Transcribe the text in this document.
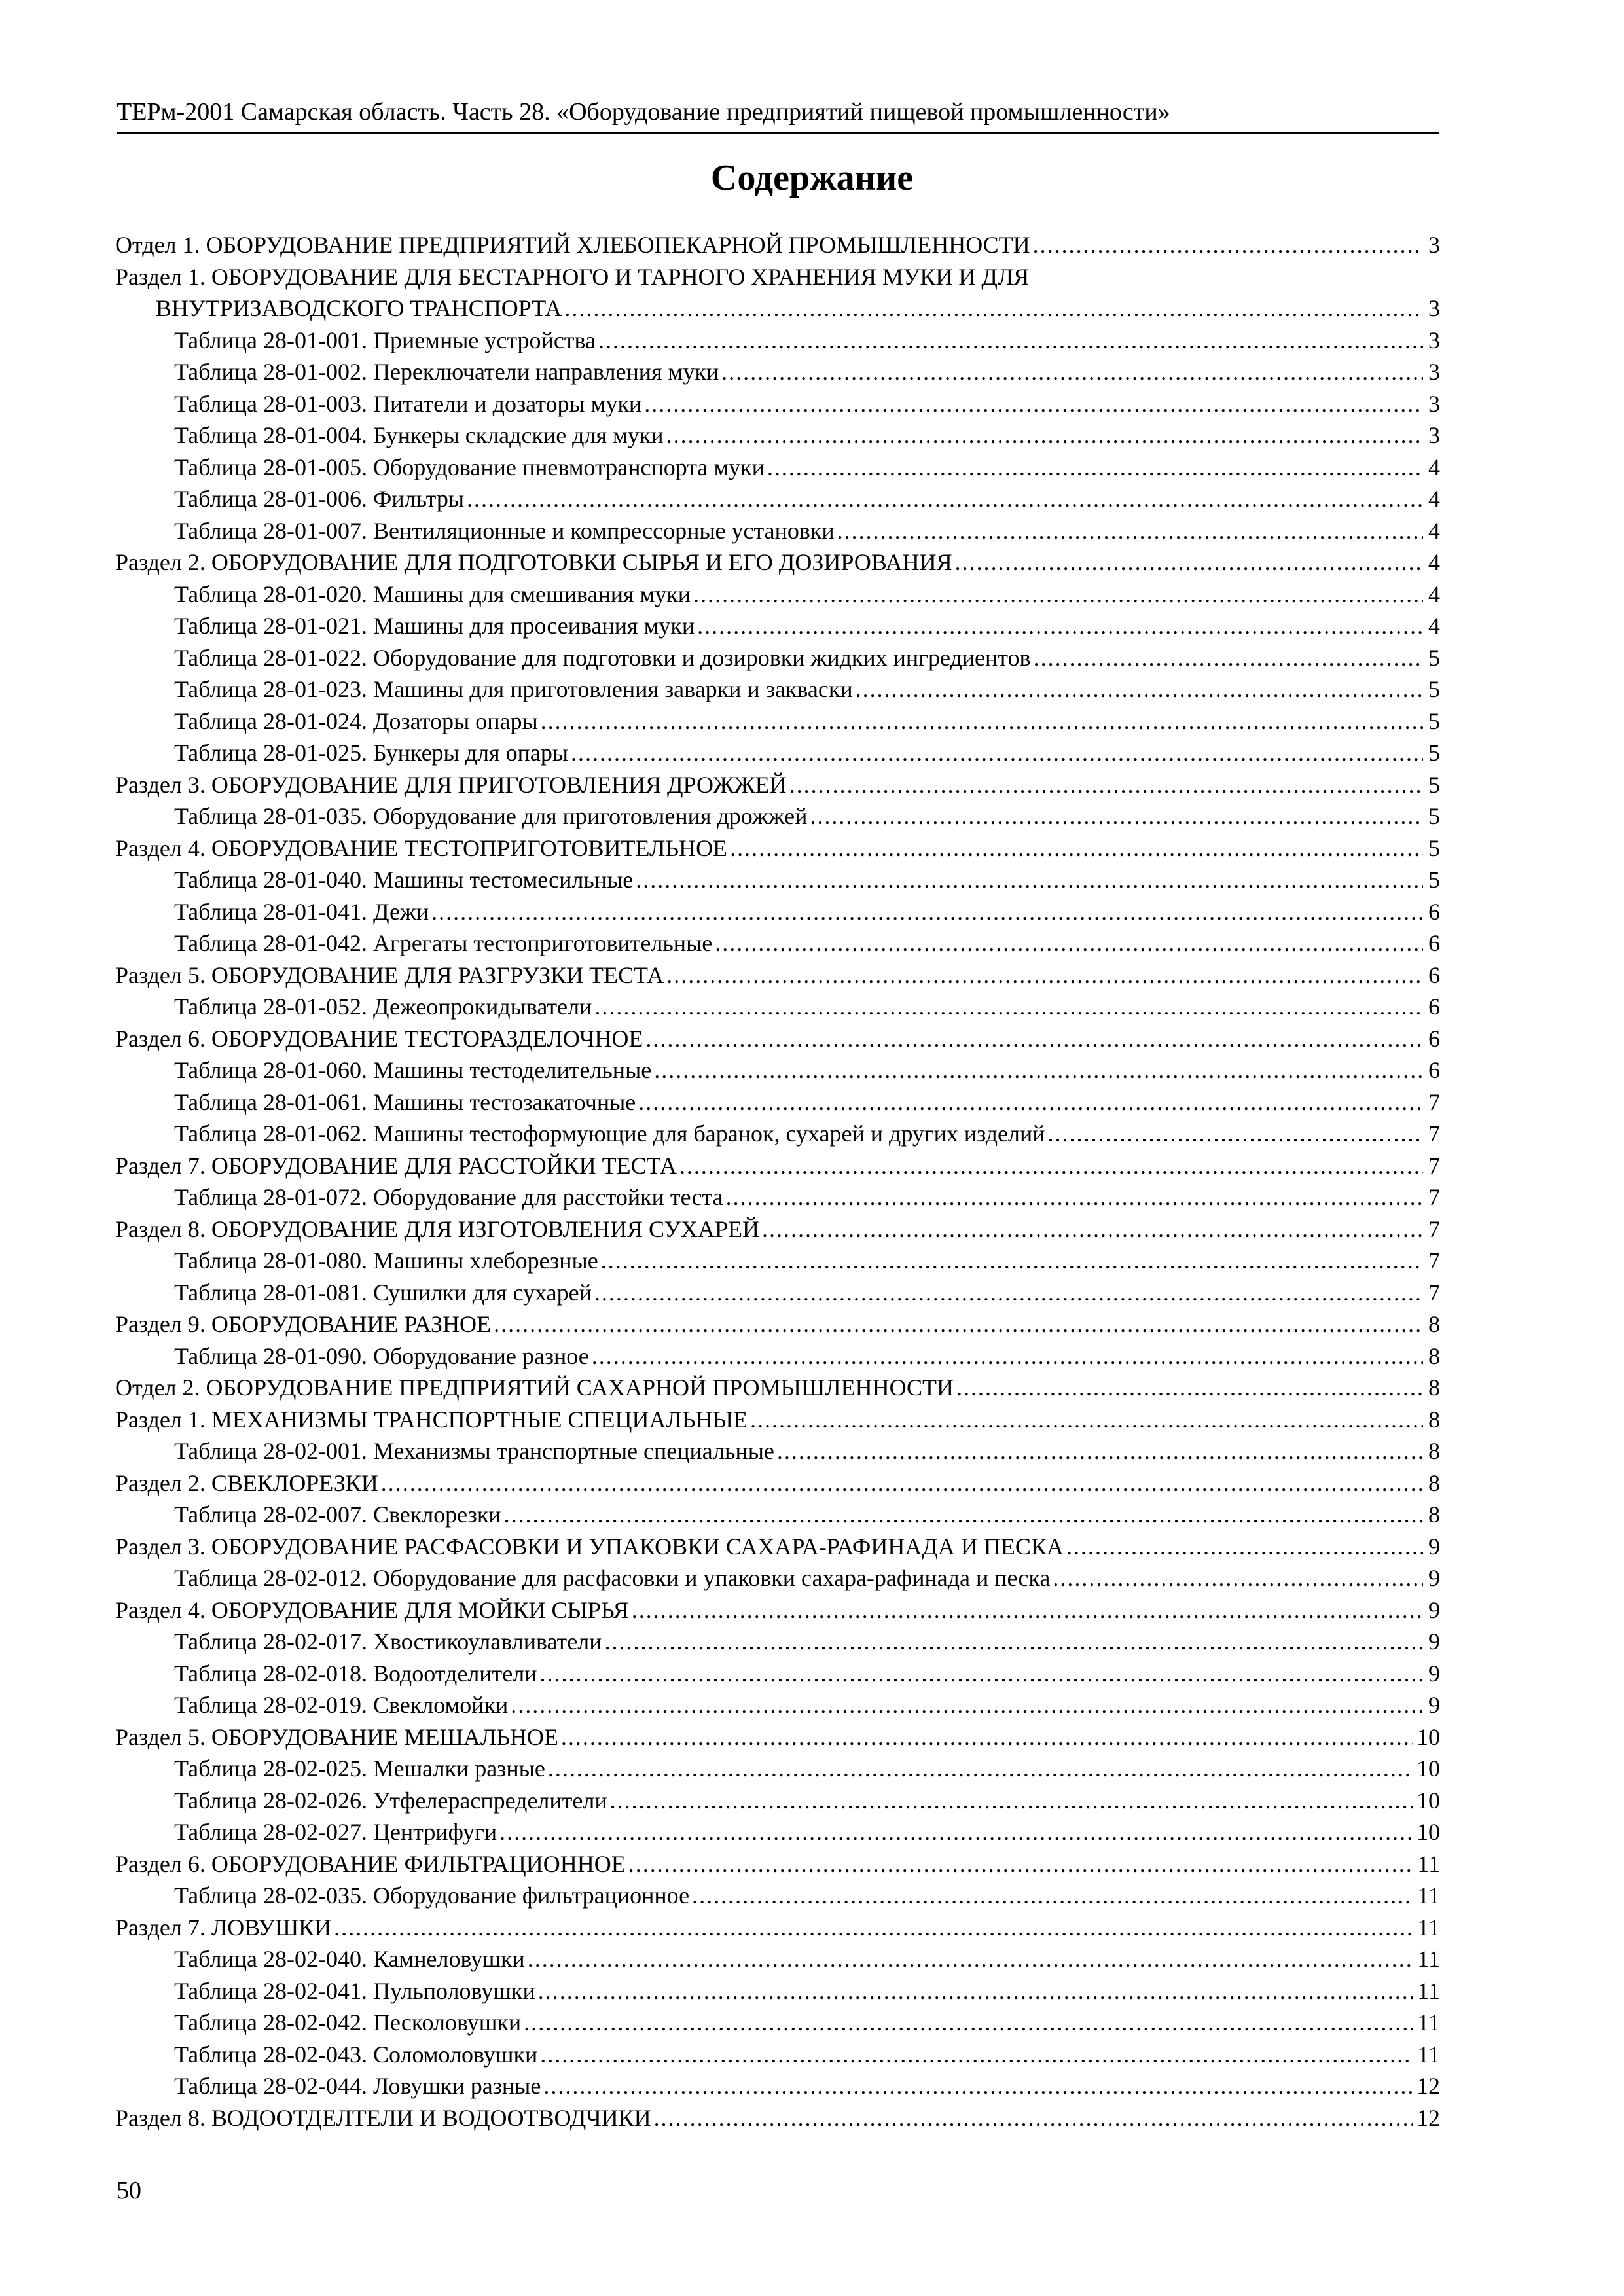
ТЕРм-2001 Самарская область. Часть 28. «Оборудование предприятий пищевой промышленности»
Содержание
Отдел 1. ОБОРУДОВАНИЕ ПРЕДПРИЯТИЙ ХЛЕБОПЕКАРНОЙ ПРОМЫШЛЕННОСТИ .....	3
Раздел 1. ОБОРУДОВАНИЕ ДЛЯ БЕСТАРНОГО И ТАРНОГО ХРАНЕНИЯ МУКИ И ДЛЯ
ВНУТРИЗАВОДСКОГО ТРАНСПОРТА .....	3
Таблица 28-01-001. Приемные устройства .....	3
Таблица 28-01-002. Переключатели направления муки .....	3
Таблица 28-01-003. Питатели и дозаторы муки .....	3
Таблица 28-01-004. Бункеры складские для муки .....	3
Таблица 28-01-005. Оборудование пневмотранспорта муки .....	4
Таблица 28-01-006. Фильтры .....	4
Таблица 28-01-007. Вентиляционные и компрессорные установки .....	4
Раздел 2. ОБОРУДОВАНИЕ ДЛЯ ПОДГОТОВКИ СЫРЬЯ И ЕГО ДОЗИРОВАНИЯ .....	4
Таблица 28-01-020. Машины для смешивания муки .....	4
Таблица 28-01-021. Машины для просеивания муки .....	4
Таблица 28-01-022. Оборудование для подготовки и дозировки жидких ингредиентов .....	5
Таблица 28-01-023. Машины для приготовления заварки и закваски .....	5
Таблица 28-01-024. Дозаторы опары .....	5
Таблица 28-01-025. Бункеры для опары .....	5
Раздел 3. ОБОРУДОВАНИЕ ДЛЯ ПРИГОТОВЛЕНИЯ ДРОЖЖЕЙ .....	5
Таблица 28-01-035. Оборудование для приготовления дрожжей .....	5
Раздел 4. ОБОРУДОВАНИЕ ТЕСТОПРИГОТОВИТЕЛЬНОЕ .....	5
Таблица 28-01-040. Машины тестомесильные .....	5
Таблица 28-01-041. Дежи .....	6
Таблица 28-01-042. Агрегаты тестоприготовительные .....	6
Раздел 5. ОБОРУДОВАНИЕ ДЛЯ РАЗГРУЗКИ ТЕСТА .....	6
Таблица 28-01-052. Дежеопрокидыватели .....	6
Раздел 6. ОБОРУДОВАНИЕ ТЕСТОРАЗДЕЛОЧНОЕ .....	6
Таблица 28-01-060. Машины тестоделительные .....	6
Таблица 28-01-061. Машины тестозакаточные .....	7
Таблица 28-01-062. Машины тестоформующие для баранок, сухарей и других изделий .....	7
Раздел 7. ОБОРУДОВАНИЕ ДЛЯ РАССТОЙКИ ТЕСТА .....	7
Таблица 28-01-072. Оборудование для расстойки теста .....	7
Раздел 8. ОБОРУДОВАНИЕ ДЛЯ ИЗГОТОВЛЕНИЯ СУХАРЕЙ .....	7
Таблица 28-01-080. Машины хлеборезные .....	7
Таблица 28-01-081. Сушилки для сухарей .....	7
Раздел 9. ОБОРУДОВАНИЕ РАЗНОЕ .....	8
Таблица 28-01-090. Оборудование разное .....	8
Отдел 2. ОБОРУДОВАНИЕ ПРЕДПРИЯТИЙ САХАРНОЙ ПРОМЫШЛЕННОСТИ .....	8
Раздел 1. МЕХАНИЗМЫ ТРАНСПОРТНЫЕ СПЕЦИАЛЬНЫЕ .....	8
Таблица 28-02-001. Механизмы транспортные специальные .....	8
Раздел 2. СВЕКЛОРЕЗКИ .....	8
Таблица 28-02-007. Свеклорезки .....	8
Раздел 3. ОБОРУДОВАНИЕ РАСФАСОВКИ И УПАКОВКИ САХАРА-РАФИНАДА И ПЕСКА .....	9
Таблица 28-02-012. Оборудование для расфасовки и упаковки сахара-рафинада и песка .....	9
Раздел 4. ОБОРУДОВАНИЕ ДЛЯ МОЙКИ СЫРЬЯ .....	9
Таблица 28-02-017. Хвостикоулавливатели .....	9
Таблица 28-02-018. Водоотделители .....	9
Таблица 28-02-019. Свекломойки .....	9
Раздел 5. ОБОРУДОВАНИЕ МЕШАЛЬНОЕ .....	10
Таблица 28-02-025. Мешалки разные .....	10
Таблица 28-02-026. Утфелераспределители .....	10
Таблица 28-02-027. Центрифуги .....	10
Раздел 6. ОБОРУДОВАНИЕ ФИЛЬТРАЦИОННОЕ .....	11
Таблица 28-02-035. Оборудование фильтрационное .....	11
Раздел 7. ЛОВУШКИ .....	11
Таблица 28-02-040. Камнеловушки .....	11
Таблица 28-02-041. Пульполовушки .....	11
Таблица 28-02-042. Песколовушки .....	11
Таблица 28-02-043. Соломоловушки .....	11
Таблица 28-02-044. Ловушки разные .....	12
Раздел 8. ВОДООТДЕЛТЕЛИ И ВОДООТВОДЧИКИ .....	12
50
